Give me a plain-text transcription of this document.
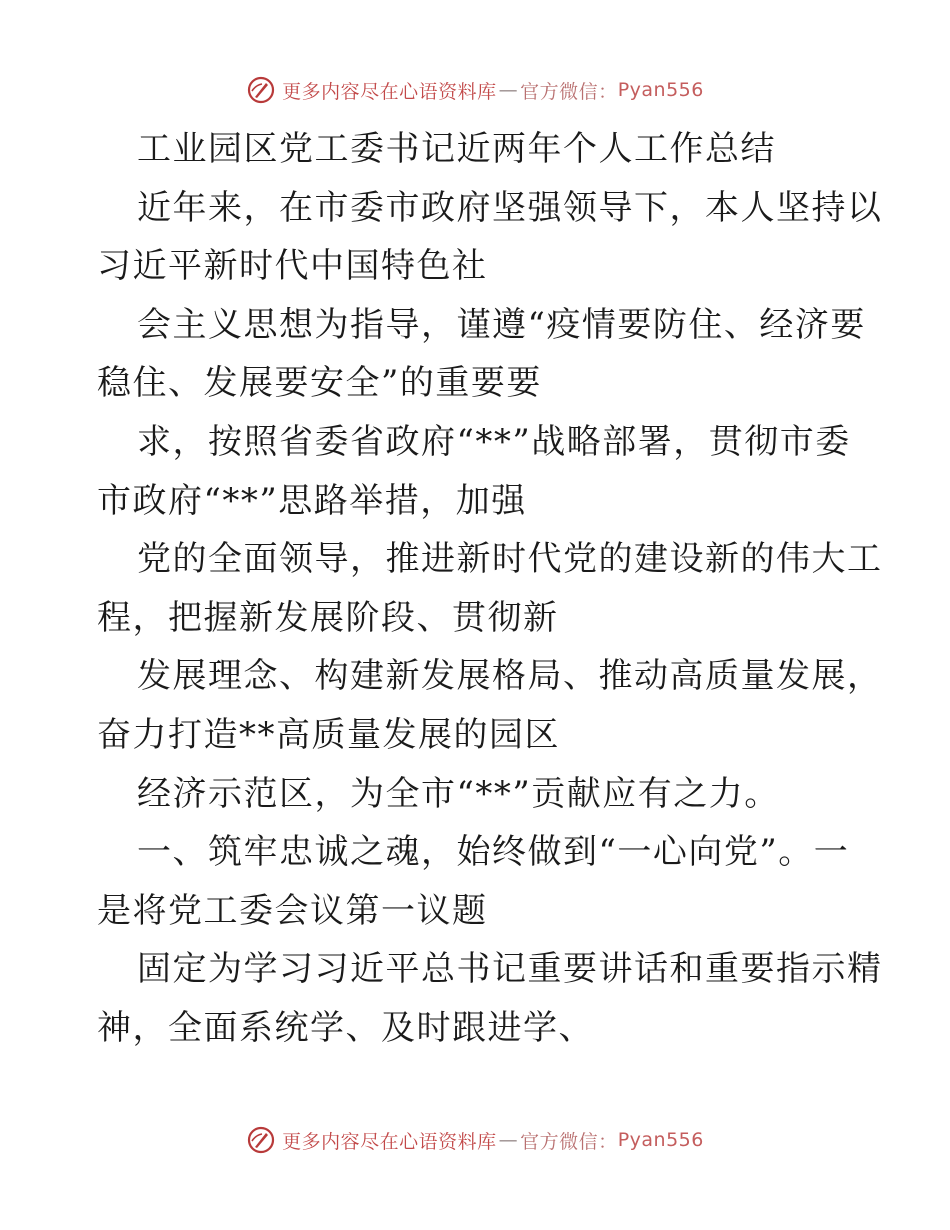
更多内容尽在心语资料库 — 官方微信： Pyan556
工业园区党工委书记近两年个人工作总结
近年来，在市委市政府坚强领导下，本人坚持以
习近平新时代中国特色社
会主义思想为指导，谨遵“疫情要防住、经济要
稳住、发展要安全”的重要要
求，按照省委省政府“**”战略部署，贯彻市委
市政府“**”思路举措，加强
党的全面领导，推进新时代党的建设新的伟大工
程，把握新发展阶段、贯彻新
发展理念、构建新发展格局、推动高质量发展，
奋力打造**高质量发展的园区
经济示范区，为全市“**”贡献应有之力。
一、筑牢忠诚之魂，始终做到“一心向党”。一
是将党工委会议第一议题
固定为学习习近平总书记重要讲话和重要指示精
神，全面系统学、及时跟进学、
更多内容尽在心语资料库 — 官方微信： Pyan556
